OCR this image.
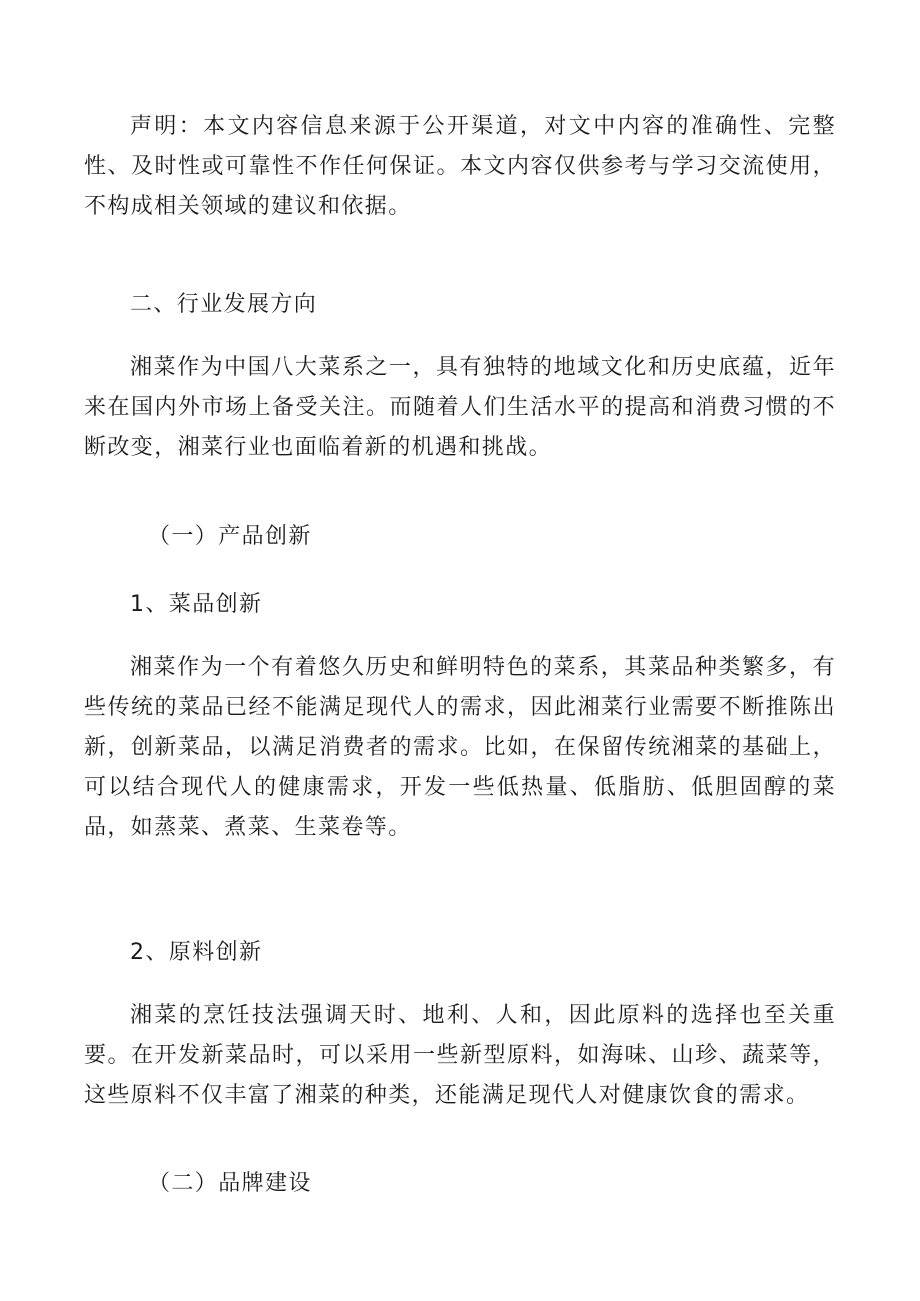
声明：本文内容信息来源于公开渠道，对文中内容的准确性、完整性、及时性或可靠性不作任何保证。本文内容仅供参考与学习交流使用，不构成相关领域的建议和依据。

二、行业发展方向

湘菜作为中国八大菜系之一，具有独特的地域文化和历史底蕴，近年来在国内外市场上备受关注。而随着人们生活水平的提高和消费习惯的不断改变，湘菜行业也面临着新的机遇和挑战。

（一）产品创新

1、菜品创新

湘菜作为一个有着悠久历史和鲜明特色的菜系，其菜品种类繁多，有些传统的菜品已经不能满足现代人的需求，因此湘菜行业需要不断推陈出新，创新菜品，以满足消费者的需求。比如，在保留传统湘菜的基础上，可以结合现代人的健康需求，开发一些低热量、低脂肪、低胆固醇的菜品，如蒸菜、煮菜、生菜卷等。

2、原料创新

湘菜的烹饪技法强调天时、地利、人和，因此原料的选择也至关重要。在开发新菜品时，可以采用一些新型原料，如海味、山珍、蔬菜等，这些原料不仅丰富了湘菜的种类，还能满足现代人对健康饮食的需求。

（二）品牌建设
